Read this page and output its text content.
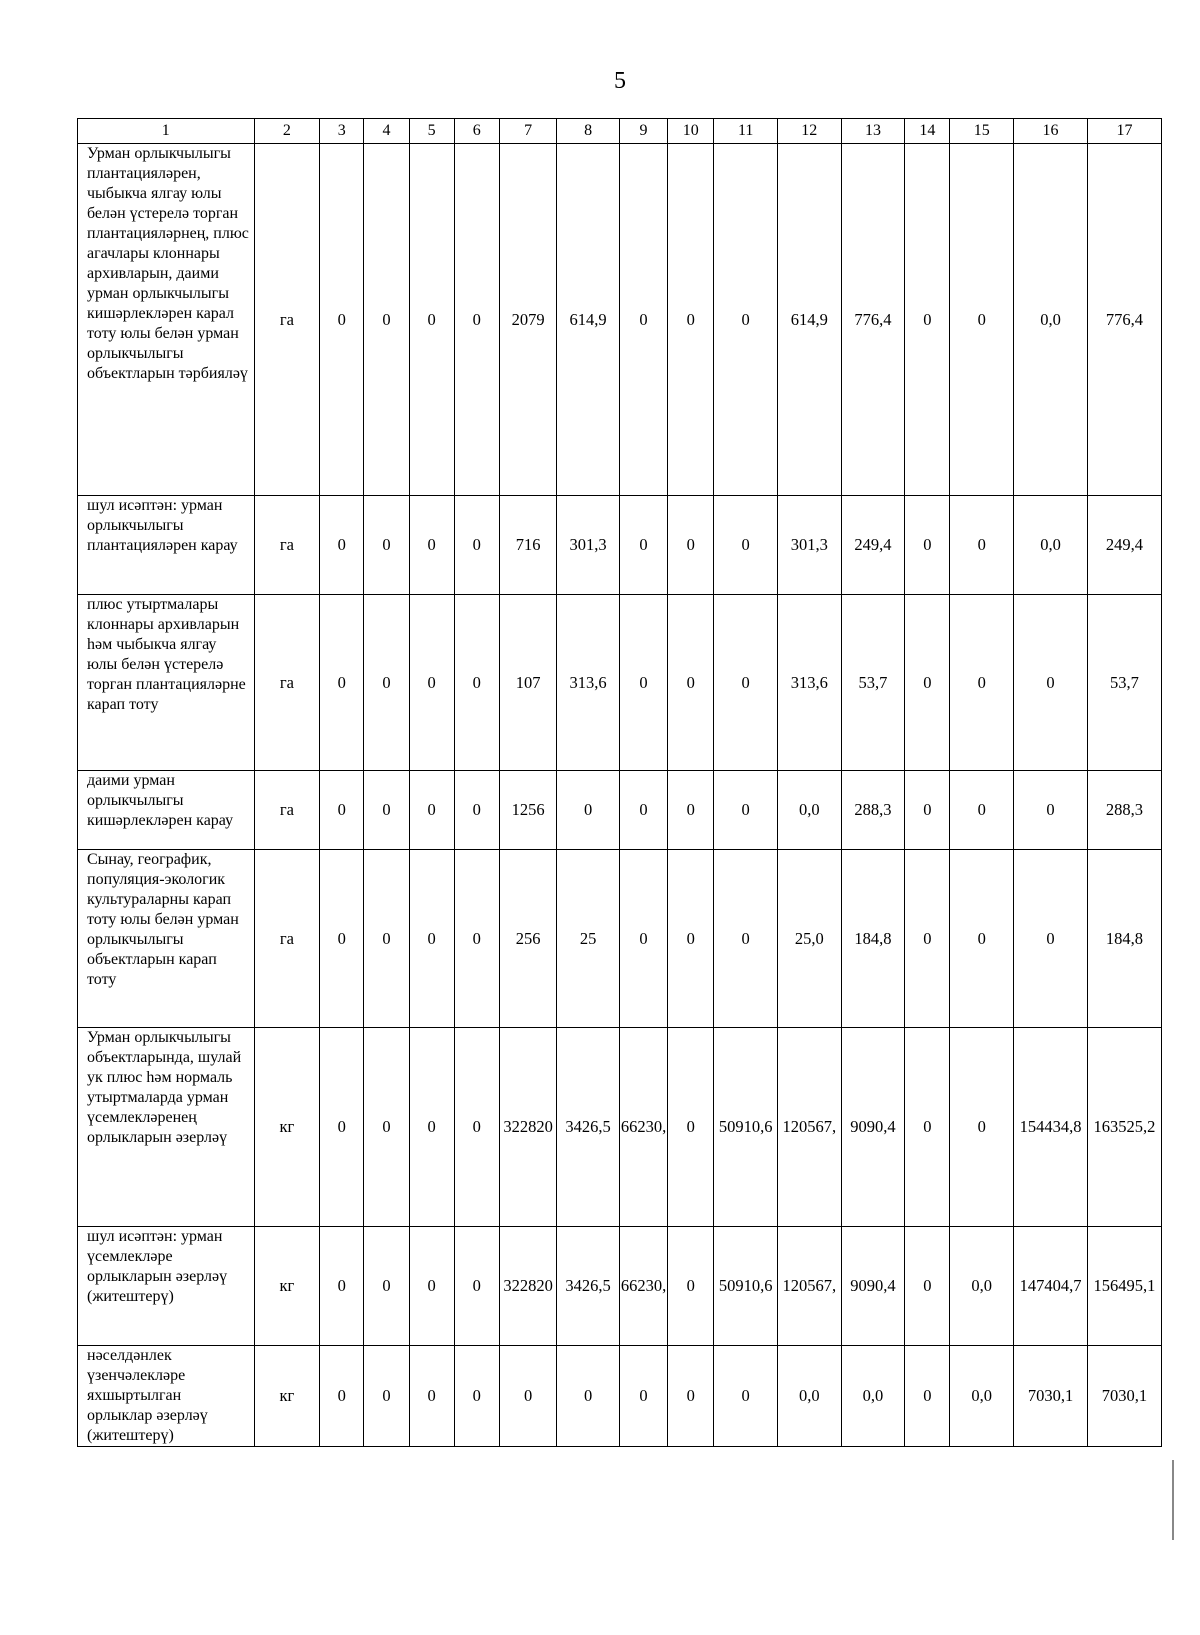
5
1	2	3	4	5	6	7	8	9	10	11	12	13	14	15	16	17
Урман орлыкчылыгы плантацияләрен, чыбыкча ялгау юлы белән үстерелә торган плантацияләрнең, плюс агачлары клоннары архивларын, даими урман орлыкчылыгы кишәрлекләрен карал тоту юлы белән урман орлыкчылыгы объектларын тәрбияләү	га	0	0	0	0	2079	614,9	0	0	0	614,9	776,4	0	0	0,0	776,4
шул исәптән: урман орлыкчылыгы плантацияләрен карау	га	0	0	0	0	716	301,3	0	0	0	301,3	249,4	0	0	0,0	249,4
плюс утыртмалары клоннары архивларын һәм чыбыкча ялгау юлы белән үстерелә торган плантацияләрне карап тоту	га	0	0	0	0	107	313,6	0	0	0	313,6	53,7	0	0	0	53,7
даими урман орлыкчылыгы кишәрлекләрен карау	га	0	0	0	0	1256	0	0	0	0	0,0	288,3	0	0	0	288,3
Сынау, географик, популяция-экологик культураларны карап тоту юлы белән урман орлыкчылыгы объектларын карап тоту	га	0	0	0	0	256	25	0	0	0	25,0	184,8	0	0	0	184,8
Урман орлыкчылыгы объектларында, шулай ук плюс һәм нормаль утыртмаларда урман үсемлекләренең орлыкларын әзерләү	кг	0	0	0	0	322820	3426,5	66230,	0	50910,6	120567,	9090,4	0	0	154434,8	163525,2
шул исәптән: урман үсемлекләре орлыкларын әзерләү (житештерү)	кг	0	0	0	0	322820	3426,5	66230,	0	50910,6	120567,	9090,4	0	0,0	147404,7	156495,1
нәселдәнлек үзенчәлекләре яхшыртылган орлыклар әзерләү (житештерү)	кг	0	0	0	0	0	0	0	0	0	0,0	0,0	0	0,0	7030,1	7030,1
